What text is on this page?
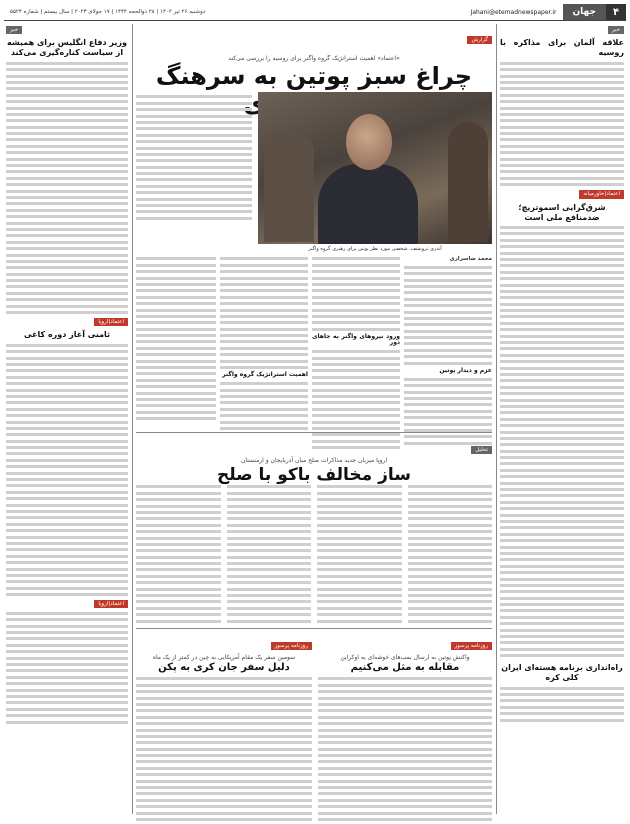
۴
جهان
Jahani@etemadnewspaper.ir
دوشنبه ۲۶ تیر ۱۴۰۲ | ۲۸ ذوالحجه ۱۴۴۴ | ۱۷ جولای ۲۰۲۳ | سال بیستم | شماره ۵۵۲۴
خبر
علاقه آلمان برای مذاکره با روسیه
اعتماد|خاورمیانه
شرق‌گرایی اسموتریچ؛ ضدمنافع ملی است
راه‌اندازی برنامه هسته‌ای ایران کلی کره
خبر
وزیر دفاع انگلیس برای همیشه از سیاست کناره‌گیری می‌کند
اعتماد|اروپا
ثامنی آغاز دوره کاغی
اعتماد|اروپا
گزارش
«اعتماد» اهمیت استراتژیک گروه واگنر برای روسیه را بررسی می‌کند
چراغ سبز پوتین به سرهنگ
آندری ترویشف، شخصی مورد نظر پوتین برای رهبری گروه واگنر
محمد ضاسراری
عزم و دیدار پوتین
ورود نیروهای واگنر به جاهای دور
اهمیت استراتژیک گروه واگنر
تحلیل
اروپا میزبان جدید مذاکرات صلح میان آذربایجان و ارمنستان
ساز مخالف باکو با صلح
روزنامه پرسوز
واکنش پوتین به ارسال بمب‌های خوشه‌ای به اوکراین
مقابله به مثل می‌کنیم
روزنامه پرسوز
سومین سفر یک مقام آمریکایی به چین در کمتر از یک ماه
دلیل سفر جان کری به پکن
